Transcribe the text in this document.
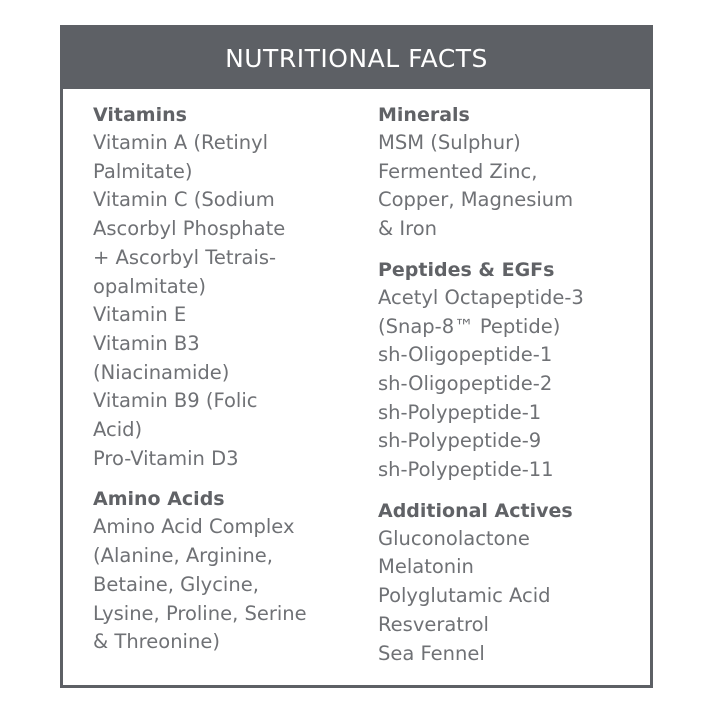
NUTRITIONAL FACTS
Vitamins
Vitamin A (Retinyl
Palmitate)
Vitamin C (Sodium
Ascorbyl Phosphate
+ Ascorbyl Tetrais-
opalmitate)
Vitamin E
Vitamin B3
(Niacinamide)
Vitamin B9 (Folic
Acid)
Pro-Vitamin D3
Amino Acids
Amino Acid Complex
(Alanine, Arginine,
Betaine, Glycine,
Lysine, Proline, Serine
& Threonine)
Minerals
MSM (Sulphur)
Fermented Zinc,
Copper, Magnesium
& Iron
Peptides & EGFs
Acetyl Octapeptide-3
(Snap-8™ Peptide)
sh-Oligopeptide-1
sh-Oligopeptide-2
sh-Polypeptide-1
sh-Polypeptide-9
sh-Polypeptide-11
Additional Actives
Gluconolactone
Melatonin
Polyglutamic Acid
Resveratrol
Sea Fennel
